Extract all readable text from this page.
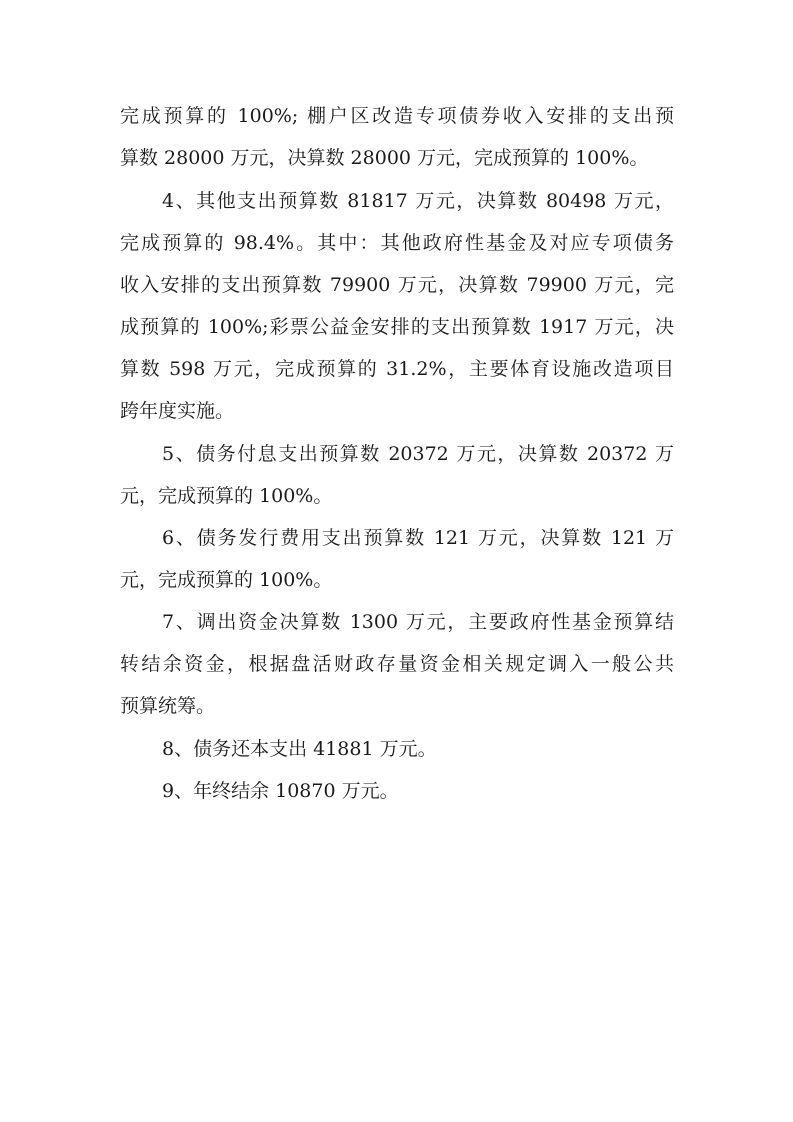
完成预算的 100%; 棚户区改造专项债券收入安排的支出预
算数 28000 万元，决算数 28000 万元，完成预算的 100%。
4、其他支出预算数 81817 万元，决算数 80498 万元，
完成预算的 98.4%。其中：其他政府性基金及对应专项债务
收入安排的支出预算数 79900 万元，决算数 79900 万元，完
成预算的 100%;彩票公益金安排的支出预算数 1917 万元，决
算数 598 万元，完成预算的 31.2%，主要体育设施改造项目
跨年度实施。
5、债务付息支出预算数 20372 万元，决算数 20372 万
元，完成预算的 100%。
6、债务发行费用支出预算数 121 万元，决算数 121 万
元，完成预算的 100%。
7、调出资金决算数 1300 万元，主要政府性基金预算结
转结余资金，根据盘活财政存量资金相关规定调入一般公共
预算统筹。
8、债务还本支出 41881 万元。
9、年终结余 10870 万元。
